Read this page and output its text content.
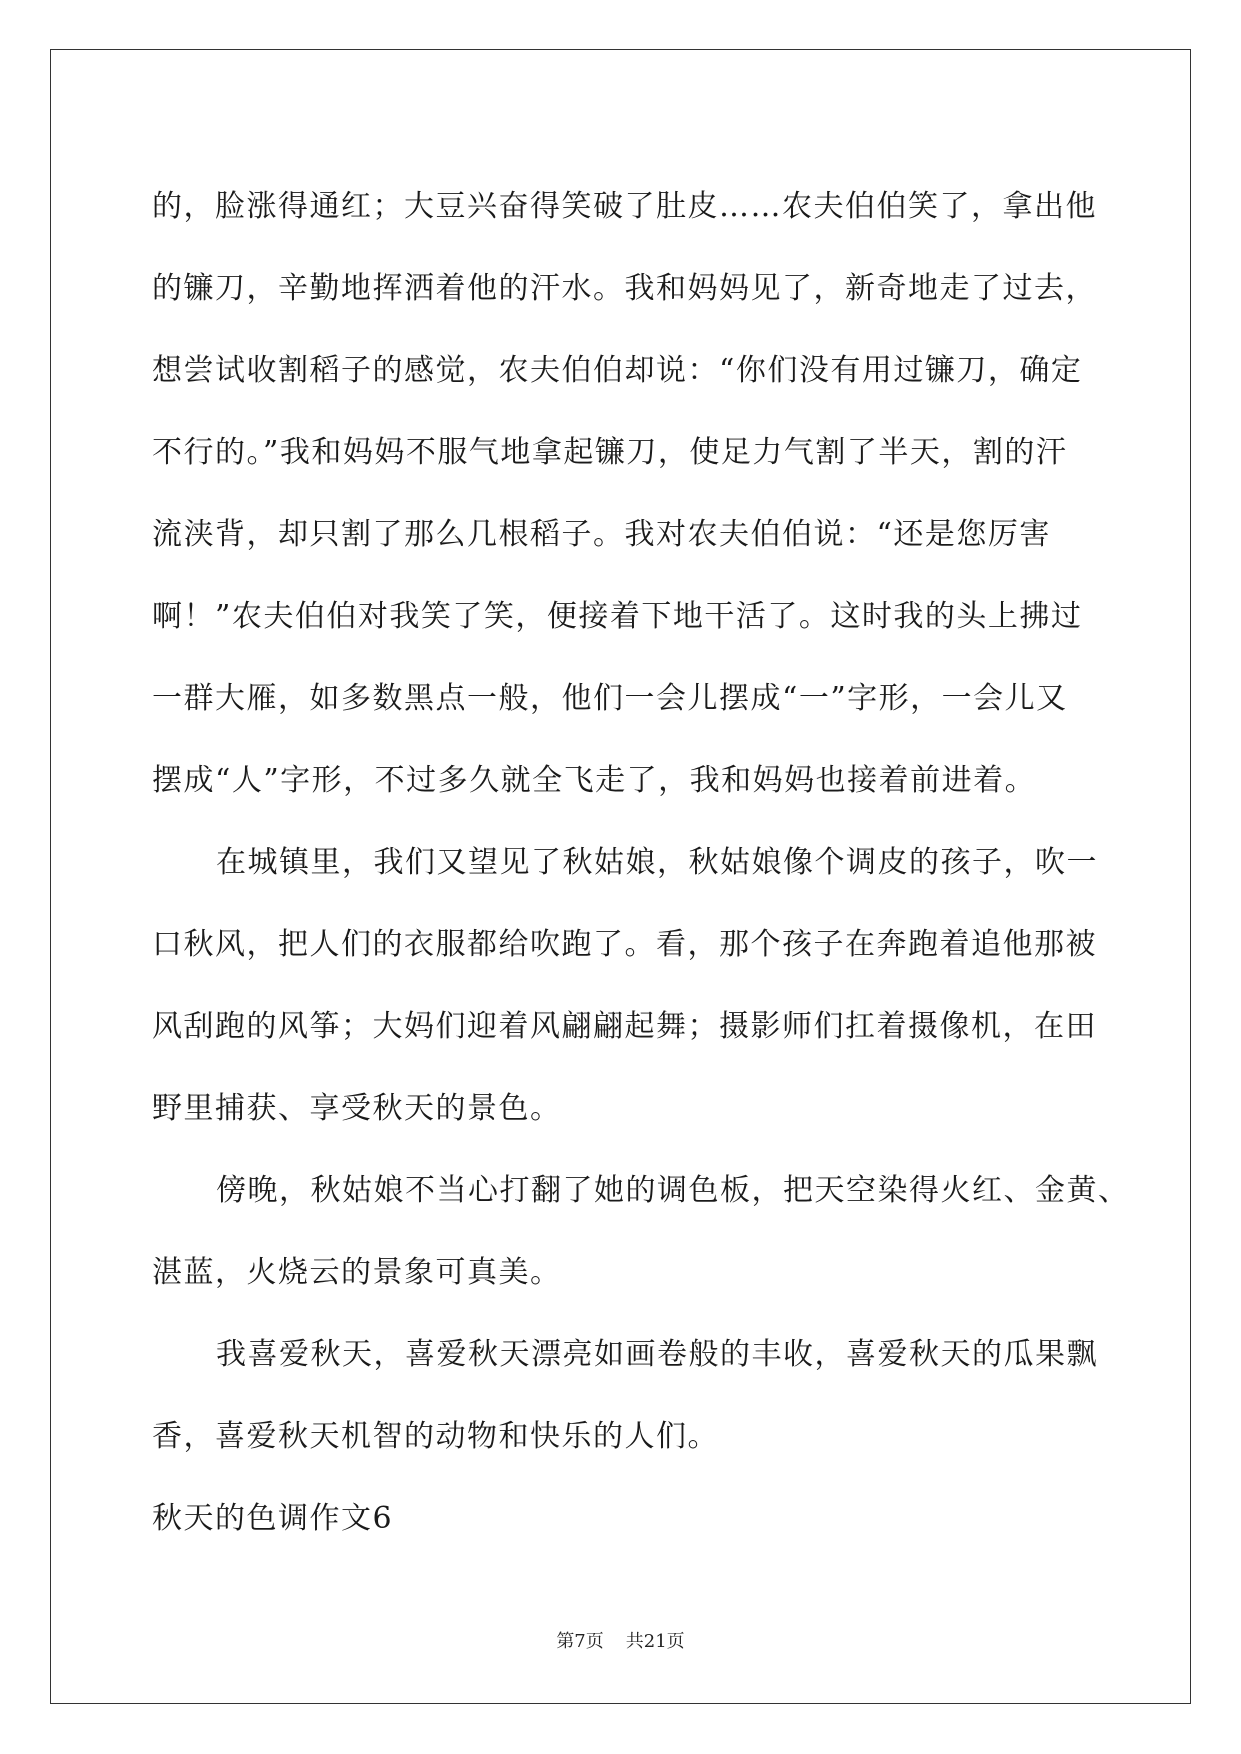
的，脸涨得通红；大豆兴奋得笑破了肚皮……农夫伯伯笑了，拿出他
的镰刀，辛勤地挥洒着他的汗水。我和妈妈见了，新奇地走了过去，
想尝试收割稻子的感觉，农夫伯伯却说：“你们没有用过镰刀，确定
不行的。”我和妈妈不服气地拿起镰刀，使足力气割了半天，割的汗
流浃背，却只割了那么几根稻子。我对农夫伯伯说：“还是您厉害
啊！”农夫伯伯对我笑了笑，便接着下地干活了。这时我的头上拂过
一群大雁，如多数黑点一般，他们一会儿摆成“一”字形，一会儿又
摆成“人”字形，不过多久就全飞走了，我和妈妈也接着前进着。
在城镇里，我们又望见了秋姑娘，秋姑娘像个调皮的孩子，吹一
口秋风，把人们的衣服都给吹跑了。看，那个孩子在奔跑着追他那被
风刮跑的风筝；大妈们迎着风翩翩起舞；摄影师们扛着摄像机，在田
野里捕获、享受秋天的景色。
傍晚，秋姑娘不当心打翻了她的调色板，把天空染得火红、金黄、
湛蓝，火烧云的景象可真美。
我喜爱秋天，喜爱秋天漂亮如画卷般的丰收，喜爱秋天的瓜果飘
香，喜爱秋天机智的动物和快乐的人们。
秋天的色调作文6
第7页 共21页
